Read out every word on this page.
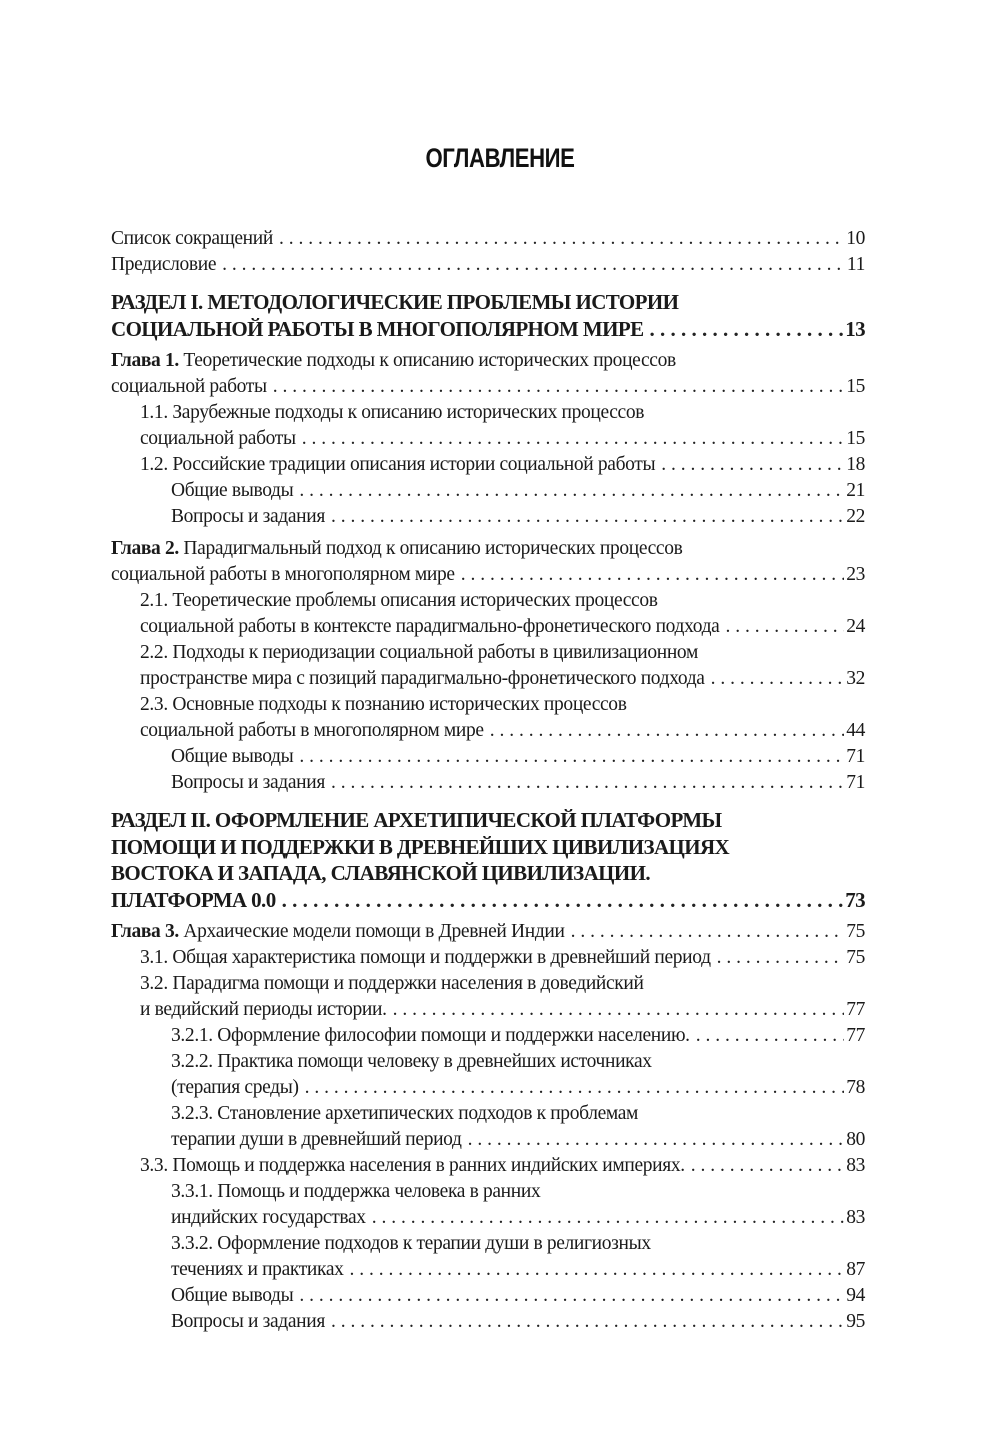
ОГЛАВЛЕНИЕ
Список сокращений . . .	10
Предисловие . . .	11
РАЗДЕЛ I. МЕТОДОЛОГИЧЕСКИЕ ПРОБЛЕМЫ ИСТОРИИ
СОЦИАЛЬНОЙ РАБОТЫ В МНОГОПОЛЯРНОМ МИРЕ . . .	13
Глава 1. Теоретические подходы к описанию исторических процессов
социальной работы . . .	15
1.1. Зарубежные подходы к описанию исторических процессов
социальной работы . . .	15
1.2. Российские традиции описания истории социальной работы . . .	18
Общие выводы . . .	21
Вопросы и задания . . .	22
Глава 2. Парадигмальный подход к описанию исторических процессов
социальной работы в многополярном мире . . .	23
2.1. Теоретические проблемы описания исторических процессов
социальной работы в контексте парадигмально-фронетического подхода . . .	24
2.2. Подходы к периодизации социальной работы в цивилизационном
пространстве мира с позиций парадигмально-фронетического подхода . . .	32
2.3. Основные подходы к познанию исторических процессов
социальной работы в многополярном мире . . .	44
Общие выводы . . .	71
Вопросы и задания . . .	71
РАЗДЕЛ II. ОФОРМЛЕНИЕ АРХЕТИПИЧЕСКОЙ ПЛАТФОРМЫ
ПОМОЩИ И ПОДДЕРЖКИ В ДРЕВНЕЙШИХ ЦИВИЛИЗАЦИЯХ
ВОСТОКА И ЗАПАДА, СЛАВЯНСКОЙ ЦИВИЛИЗАЦИИ.
ПЛАТФОРМА 0.0 . . .	73
Глава 3. Архаические модели помощи в Древней Индии . . .	75
3.1. Общая характеристика помощи и поддержки в древнейший период . . .	75
3.2. Парадигма помощи и поддержки населения в доведийский
и ведийский периоды истории. . . .	77
3.2.1. Оформление философии помощи и поддержки населению. . . .	77
3.2.2. Практика помощи человеку в древнейших источниках
(терапия среды) . . .	78
3.2.3. Становление архетипических подходов к проблемам
терапии души в древнейший период . . .	80
3.3. Помощь и поддержка населения в ранних индийских империях. . . .	83
3.3.1. Помощь и поддержка человека в ранних
индийских государствах . . .	83
3.3.2. Оформление подходов к терапии души в религиозных
течениях и практиках . . .	87
Общие выводы . . .	94
Вопросы и задания . . .	95
